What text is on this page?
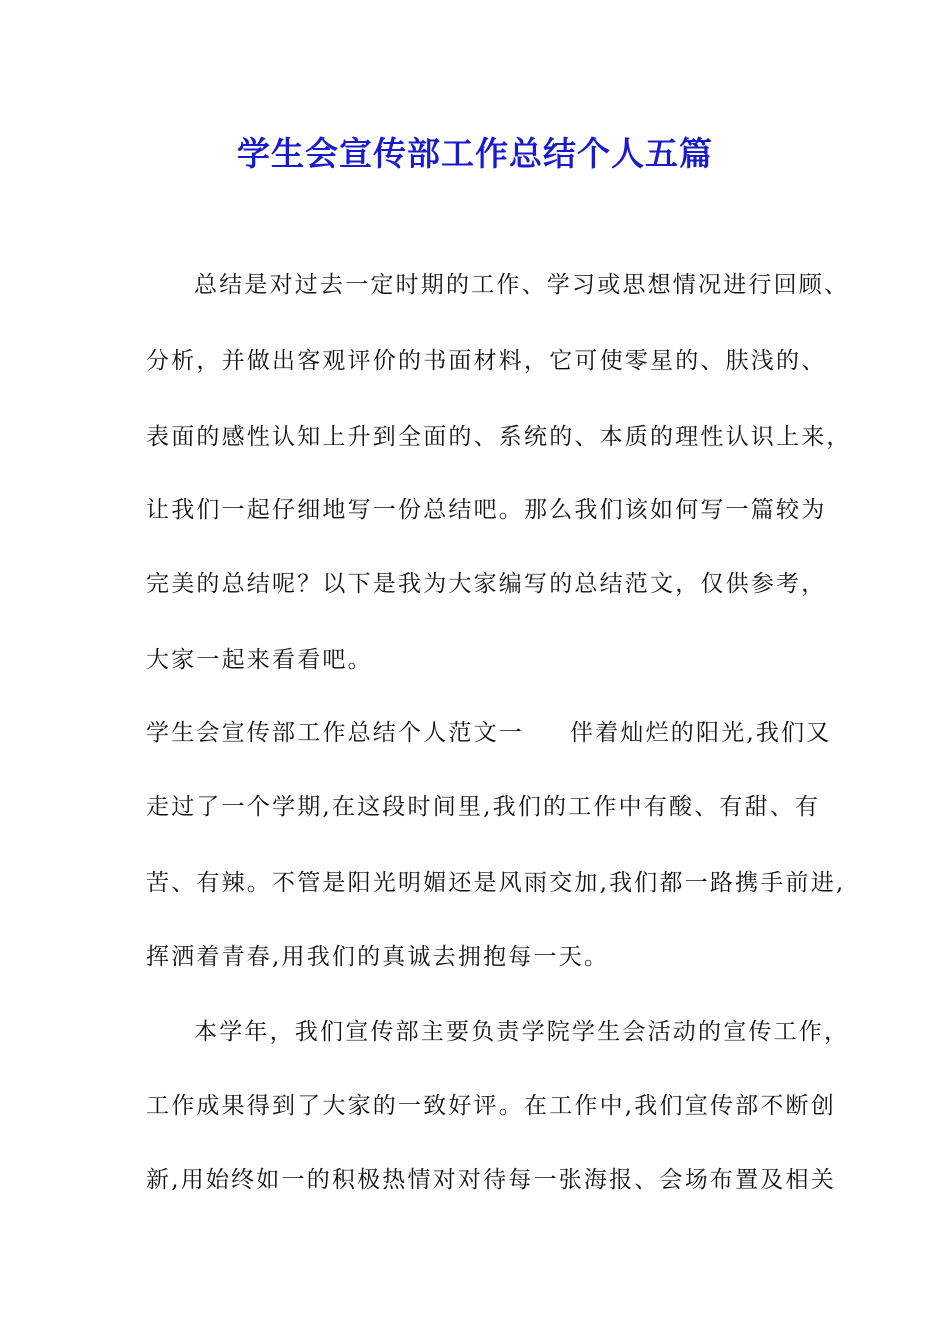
学生会宣传部工作总结个人五篇
总结是对过去一定时期的工作、学习或思想情况进行回顾、
分析，并做出客观评价的书面材料，它可使零星的、肤浅的、
表面的感性认知上升到全面的、系统的、本质的理性认识上来，
让我们一起仔细地写一份总结吧。那么我们该如何写一篇较为
完美的总结呢？以下是我为大家编写的总结范文，仅供参考，
大家一起来看看吧。
学生会宣传部工作总结个人范文一 伴着灿烂的阳光,我们又
走过了一个学期,在这段时间里,我们的工作中有酸、有甜、有
苦、有辣。不管是阳光明媚还是风雨交加,我们都一路携手前进,
挥洒着青春,用我们的真诚去拥抱每一天。
本学年，我们宣传部主要负责学院学生会活动的宣传工作，
工作成果得到了大家的一致好评。在工作中,我们宣传部不断创
新,用始终如一的积极热情对对待每一张海报、会场布置及相关
